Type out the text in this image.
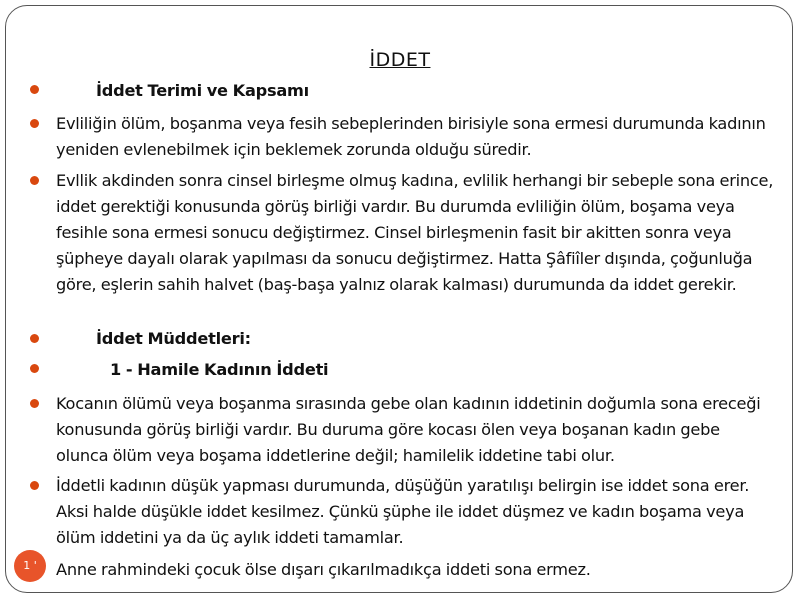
İDDET
İddet Terimi ve Kapsamı
Evliliğin ölüm, boşanma veya fesih sebeplerinden birisiyle sona ermesi durumunda kadının yeniden evlenebilmek için beklemek zorunda olduğu süredir.
Evllik akdinden sonra cinsel birleşme olmuş kadına, evlilik herhangi bir sebeple sona erince, iddet gerektiği konusunda görüş birliği vardır. Bu durumda evliliğin ölüm, boşama veya fesihle sona ermesi sonucu değiştirmez. Cinsel birleşmenin fasit bir akitten sonra veya şüpheye dayalı olarak yapılması da sonucu değiştirmez. Hatta Şâfiîler dışında, çoğunluğa göre, eşlerin sahih halvet (baş-başa yalnız olarak kalması) durumunda da iddet gerekir.
İddet Müddetleri:
1 - Hamile Kadının İddeti
Kocanın ölümü veya boşanma sırasında gebe olan kadının iddetinin doğumla sona ereceği konusunda görüş birliği vardır. Bu duruma göre kocası ölen veya boşanan kadın gebe olunca ölüm veya boşama iddetlerine değil; hamilelik iddetine tabi olur.
İddetli kadının düşük yapması durumunda, düşüğün yaratılışı belirgin ise iddet sona erer. Aksi halde düşükle iddet kesilmez. Çünkü şüphe ile iddet düşmez ve kadın boşama veya ölüm iddetini ya da üç aylık iddeti tamamlar.
Anne rahmindeki çocuk ölse dışarı çıkarılmadıkça iddeti sona ermez.
1 '
